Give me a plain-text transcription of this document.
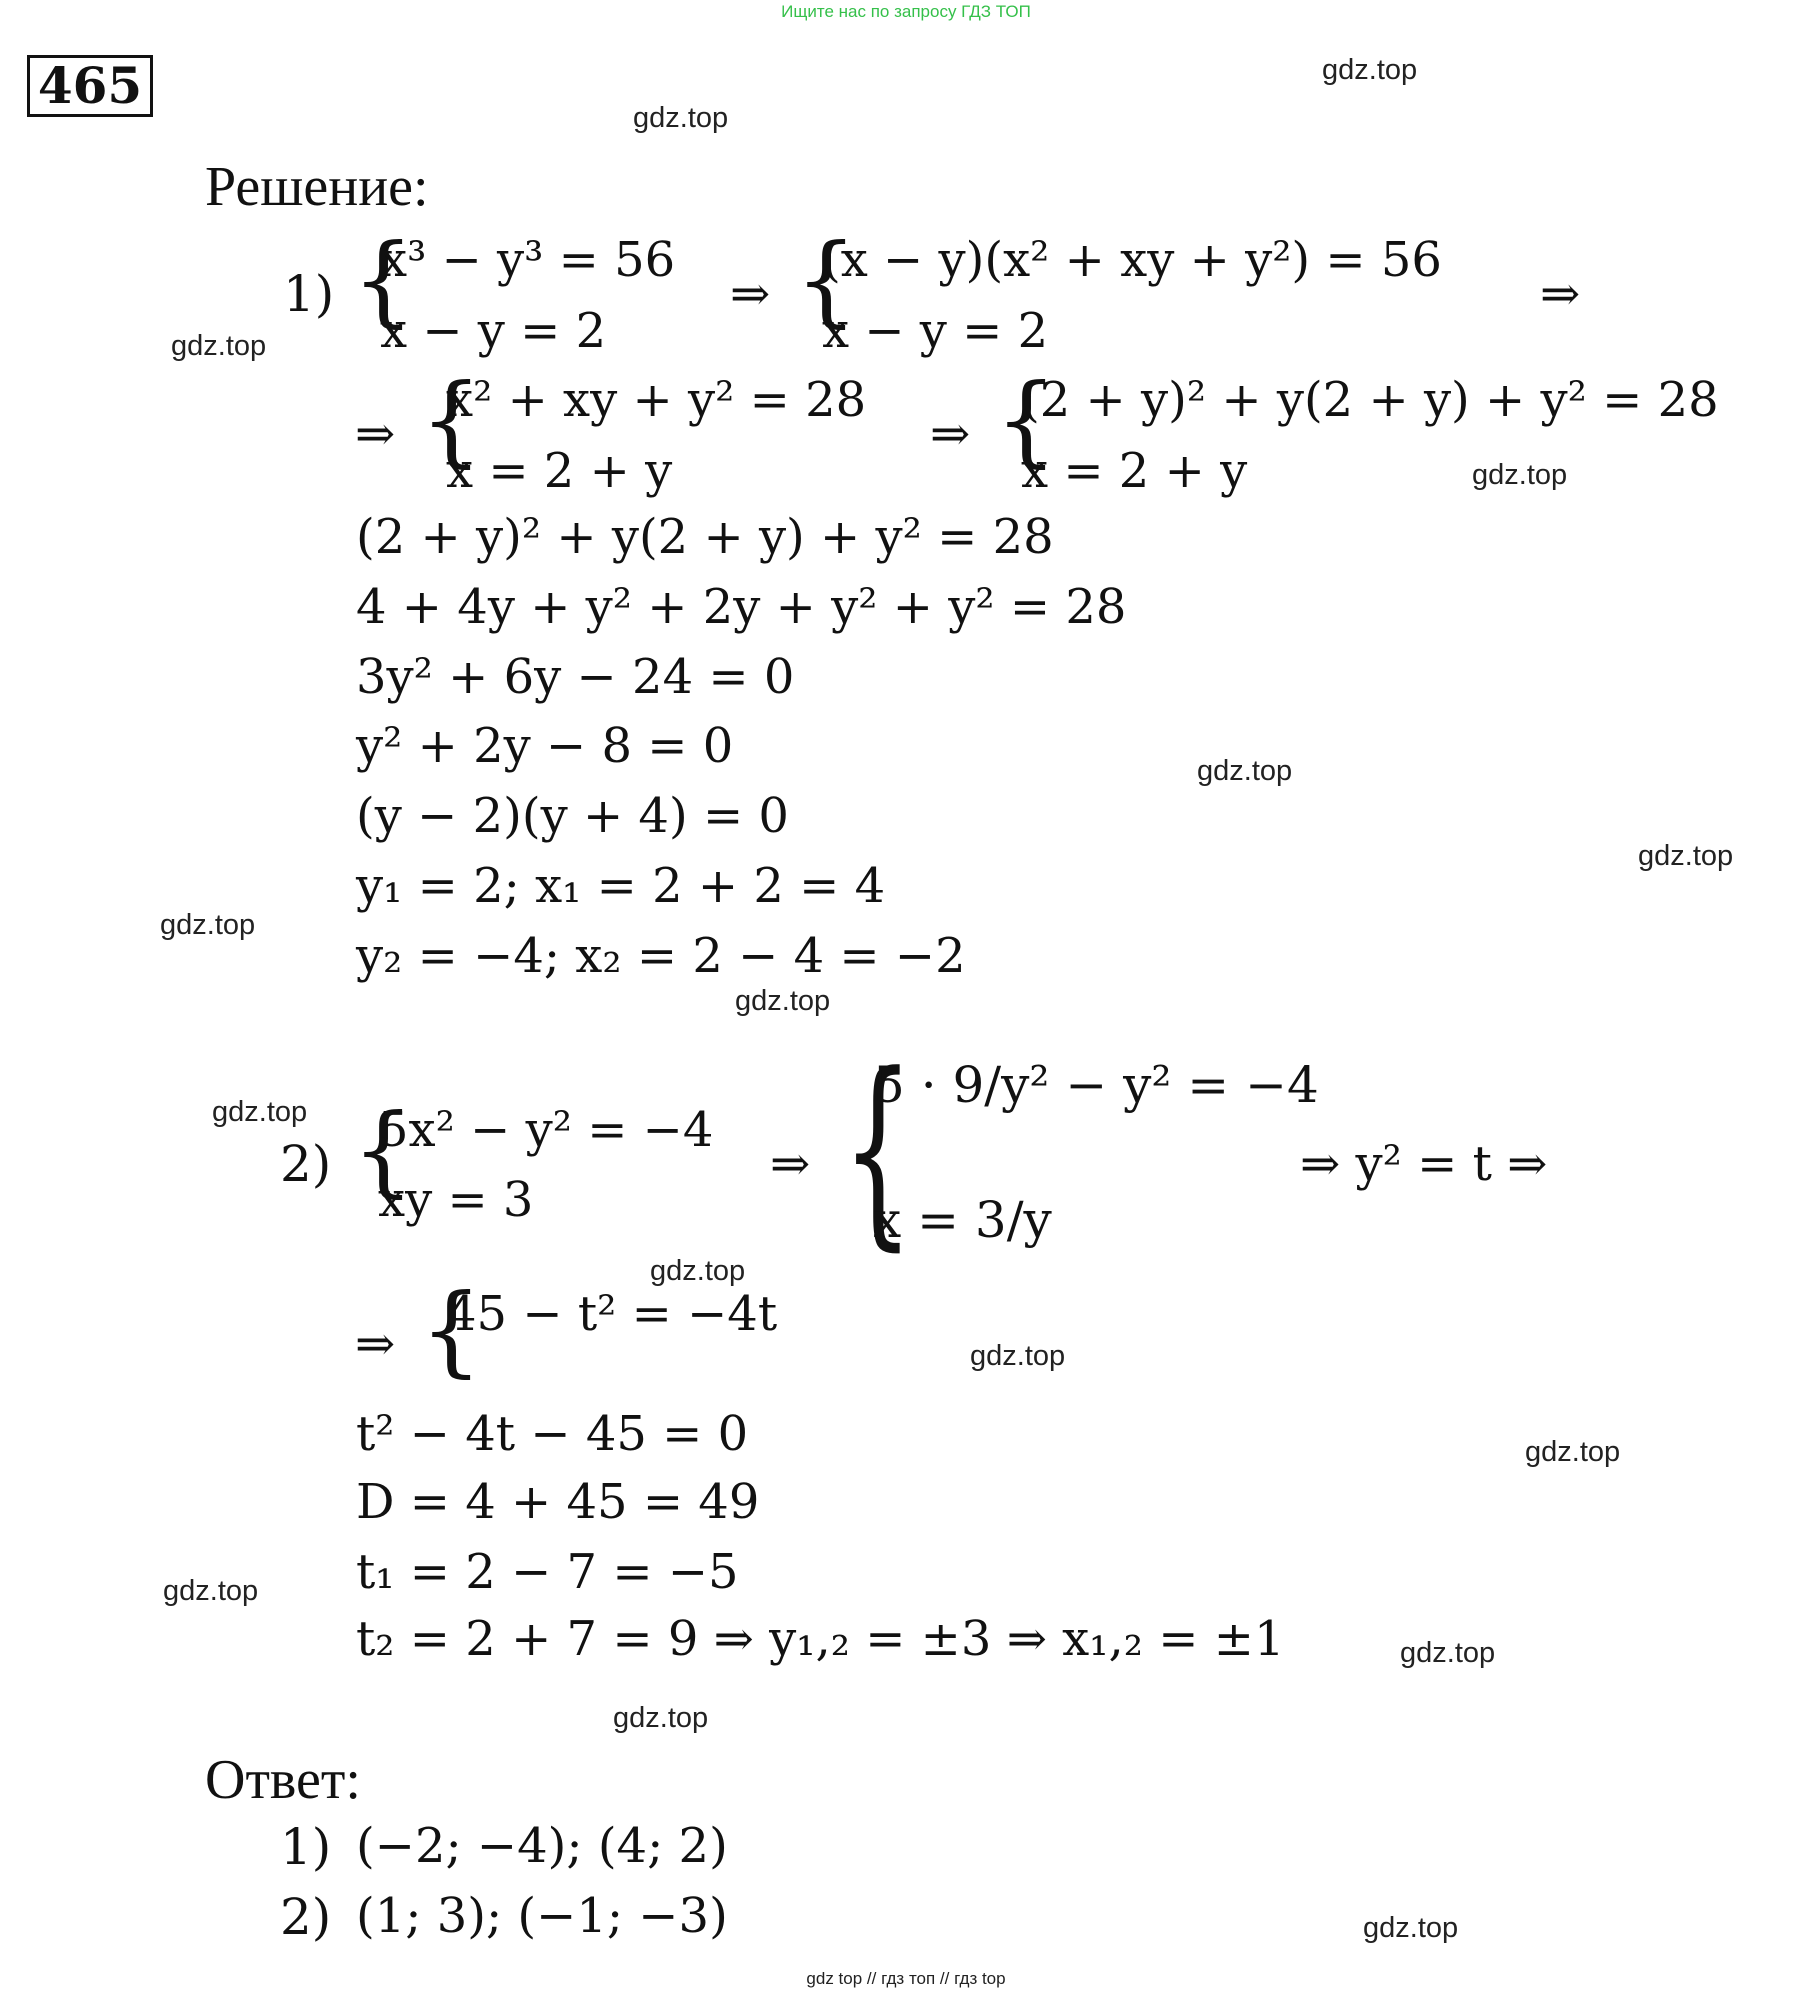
Ищите нас по запросу ГДЗ ТОП
465	gdz.top
gdz.top
gdz.top
gdz.top
gdz.top
gdz.top
gdz.top
gdz.top
gdz.top
gdz.top
gdz.top
gdz.top
gdz.top
gdz.top
gdz.top
gdz.top
Решение:
1) {
x³ − y³ = 56
x − y = 2
⇒ {
(x − y)(x² + xy + y²) = 56
x − y = 2
⇒
⇒ {
x² + xy + y² = 28
x = 2 + y
⇒ {
(2 + y)² + y(2 + y) + y² = 28
x = 2 + y
(2 + y)² + y(2 + y) + y² = 28
4 + 4y + y² + 2y + y² + y² = 28
3y² + 6y − 24 = 0
y² + 2y − 8 = 0
(y − 2)(y + 4) = 0
y₁ = 2; x₁ = 2 + 2 = 4
y₂ = −4; x₂ = 2 − 4 = −2
2) {
5x² − y² = −4
xy = 3
⇒ {
5 · 9/y² − y² = −4
x = 3/y
⇒ y² = t ⇒
⇒ {
45 − t² = −4t
t² − 4t − 45 = 0
D = 4 + 45 = 49
t₁ = 2 − 7 = −5
t₂ = 2 + 7 = 9 ⇒ y₁,₂ = ±3 ⇒ x₁,₂ = ±1
Ответ:
1) (−2; −4); (4; 2)
2) (1; 3); (−1; −3)
gdz top // гдз топ // гдз top
